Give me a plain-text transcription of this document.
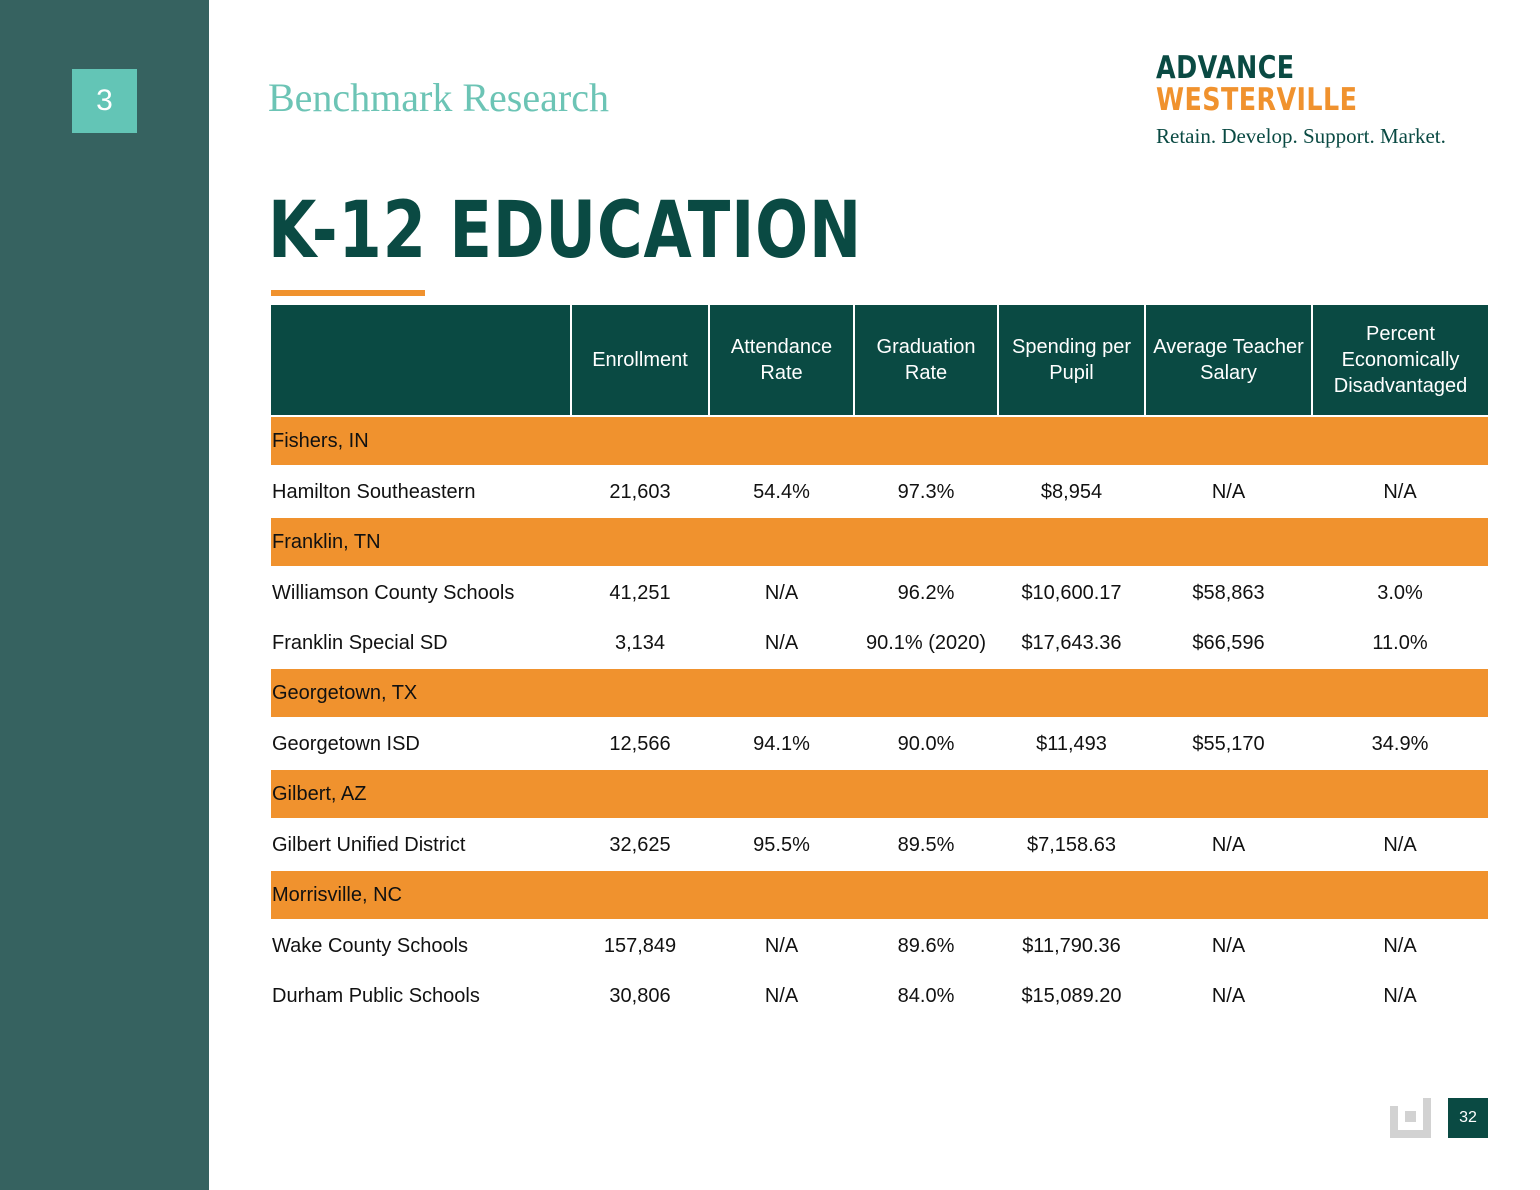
3	Benchmark Research
ADVANCE
WESTERVILLE
Retain. Develop. Support. Market.
K-12 EDUCATION
	Enrollment	Attendance Rate	Graduation Rate	Spending per Pupil	Average Teacher Salary	Percent Economically Disadvantaged
Fishers, IN						
Hamilton Southeastern	21,603	54.4%	97.3%	$8,954	N/A	N/A
Franklin, TN						
Williamson County Schools	41,251	N/A	96.2%	$10,600.17	$58,863	3.0%
Franklin Special SD	3,134	N/A	90.1% (2020)	$17,643.36	$66,596	11.0%
Georgetown, TX						
Georgetown ISD	12,566	94.1%	90.0%	$11,493	$55,170	34.9%
Gilbert, AZ						
Gilbert Unified District	32,625	95.5%	89.5%	$7,158.63	N/A	N/A
Morrisville, NC						
Wake County Schools	157,849	N/A	89.6%	$11,790.36	N/A	N/A
Durham Public Schools	30,806	N/A	84.0%	$15,089.20	N/A	N/A
32
